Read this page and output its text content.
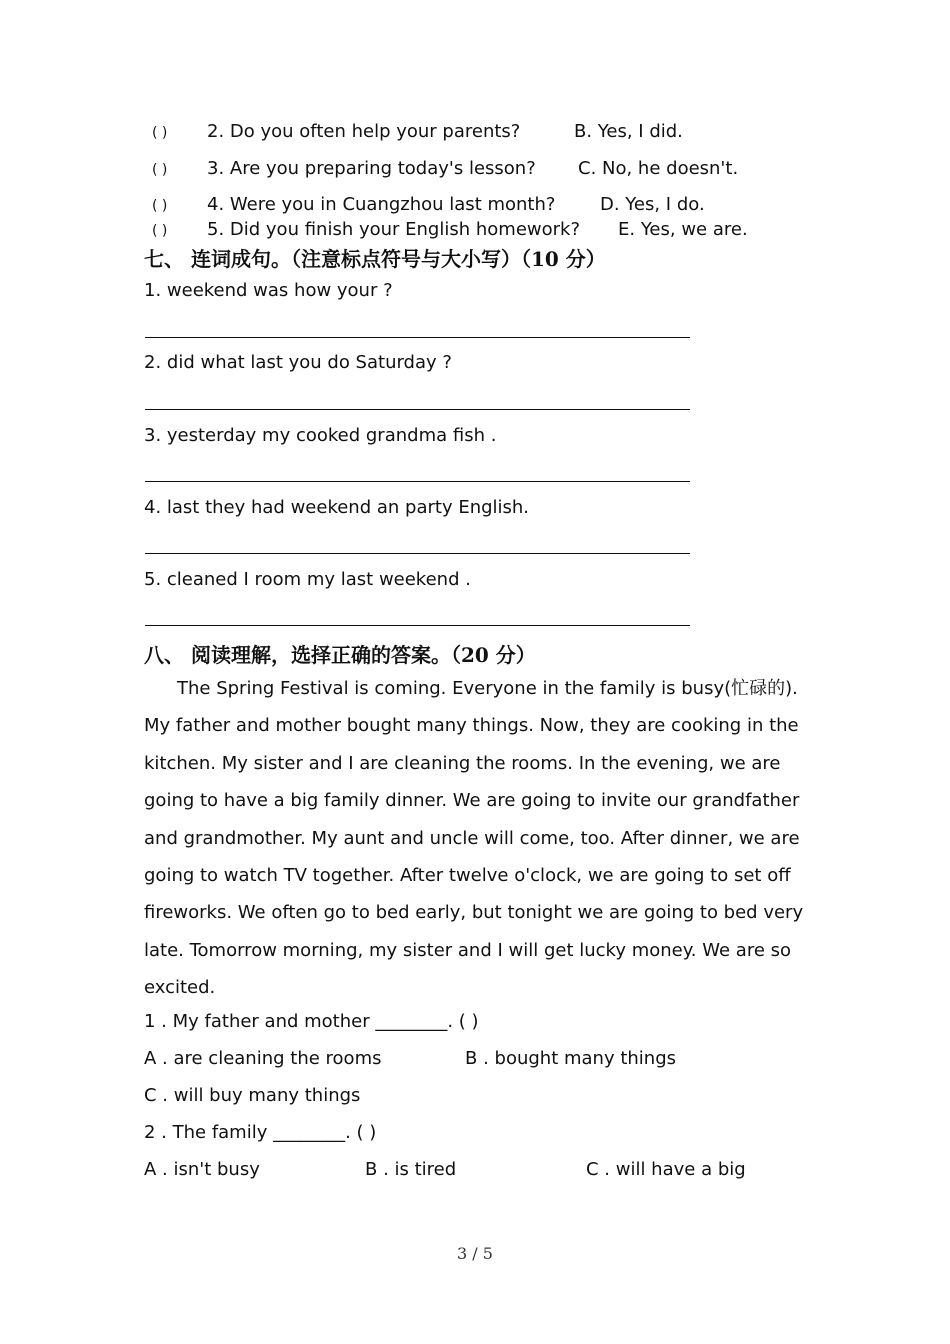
( ) 2. Do you often help your parents?	B. Yes, I did.
( ) 3. Are you preparing today's lesson? C. No, he doesn't.
( ) 4. Were you in Cuangzhou last month? D. Yes, I do.
( ) 5. Did you finish your English homework? E. Yes, we are.
七、 连词成句。（注意标点符号与大小写）（10 分）
1. weekend was how your ?
2. did what last you do Saturday ?
3. yesterday my cooked grandma fish .
4. last they had weekend an party English.
5. cleaned I room my last weekend .
八、 阅读理解，选择正确的答案。（20 分）

The Spring Festival is coming. Everyone in the family is busy(忙碌的). My father and mother bought many things. Now, they are cooking in the kitchen. My sister and I are cleaning the rooms. In the evening, we are going to have a big family dinner. We are going to invite our grandfather and grandmother. My aunt and uncle will come, too. After dinner, we are going to watch TV together. After twelve o'clock, we are going to set off fireworks. We often go to bed early, but tonight we are going to bed very late. Tomorrow morning, my sister and I will get lucky money. We are so excited.

1 . My father and mother ________. ( )
A . are cleaning the rooms	B . bought many things
C . will buy many things
2 . The family ________. ( )
A . isn't busy	B . is tired	C . will have a big
3 / 5
